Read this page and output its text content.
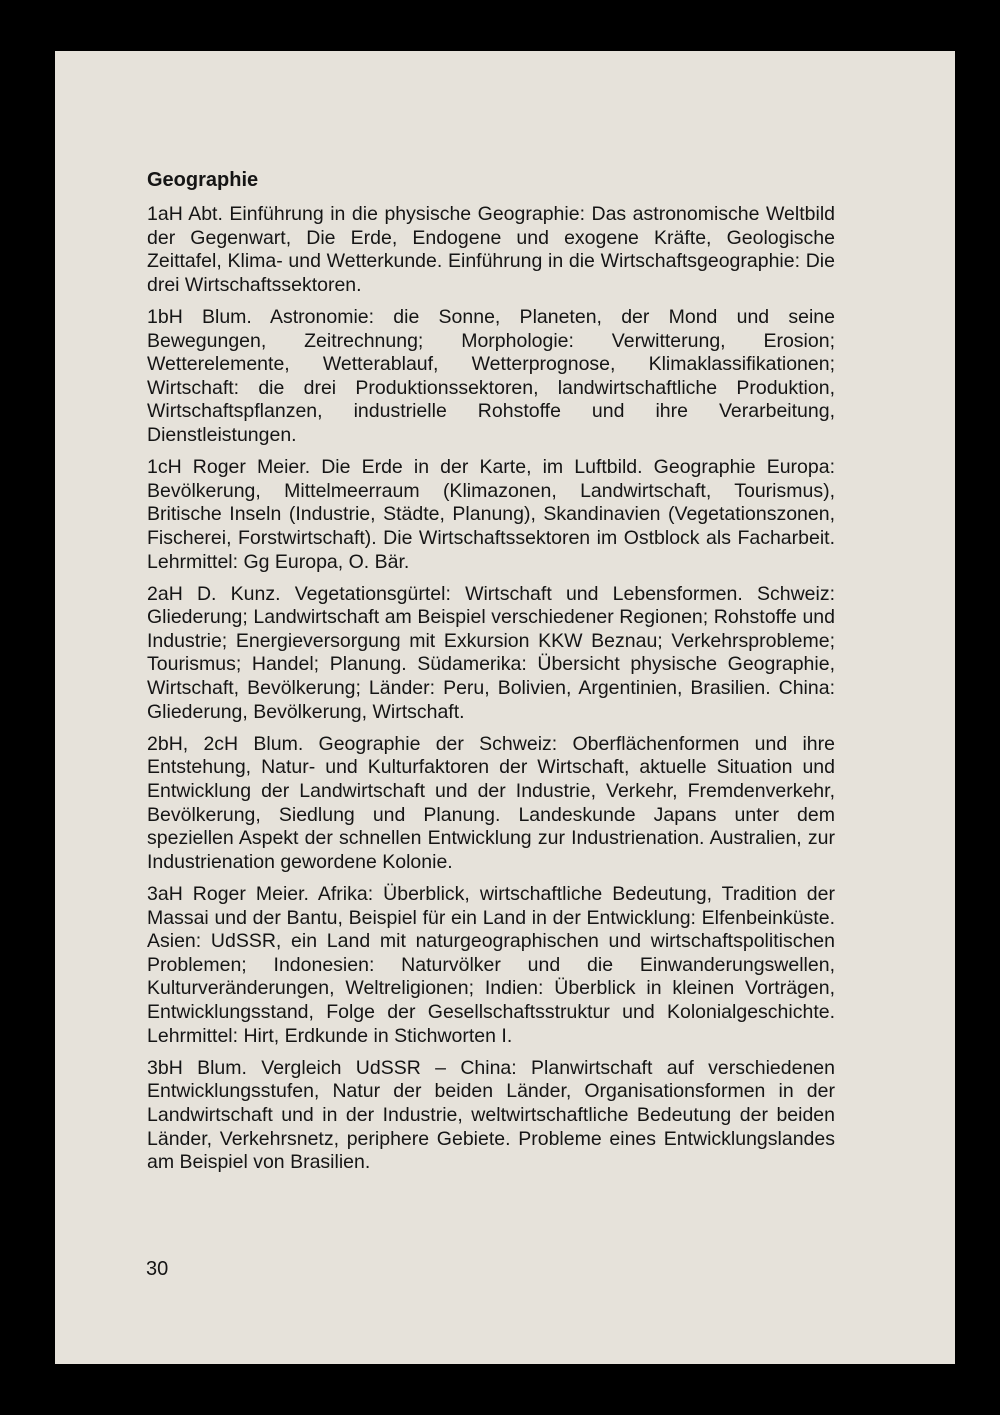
Geographie

1aH Abt. Einführung in die physische Geographie: Das astronomische Weltbild der Gegenwart, Die Erde, Endogene und exogene Kräfte, Geologische Zeittafel, Klima- und Wetterkunde. Einführung in die Wirtschaftsgeographie: Die drei Wirtschaftssektoren.

1bH Blum. Astronomie: die Sonne, Planeten, der Mond und seine Bewegungen, Zeitrechnung; Morphologie: Verwitterung, Erosion; Wetterelemente, Wetterablauf, Wetterprognose, Klimaklassifikationen; Wirtschaft: die drei Produktionssektoren, landwirtschaftliche Produktion, Wirtschaftspflanzen, industrielle Rohstoffe und ihre Verarbeitung, Dienstleistungen.

1cH Roger Meier. Die Erde in der Karte, im Luftbild. Geographie Europa: Bevölkerung, Mittelmeerraum (Klimazonen, Landwirtschaft, Tourismus), Britische Inseln (Industrie, Städte, Planung), Skandinavien (Vegetationszonen, Fischerei, Forstwirtschaft). Die Wirtschaftssektoren im Ostblock als Facharbeit. Lehrmittel: Gg Europa, O. Bär.

2aH D. Kunz. Vegetationsgürtel: Wirtschaft und Lebensformen. Schweiz: Gliederung; Landwirtschaft am Beispiel verschiedener Regionen; Rohstoffe und Industrie; Energieversorgung mit Exkursion KKW Beznau; Verkehrsprobleme; Tourismus; Handel; Planung. Südamerika: Übersicht physische Geographie, Wirtschaft, Bevölkerung; Länder: Peru, Bolivien, Argentinien, Brasilien. China: Gliederung, Bevölkerung, Wirtschaft.

2bH, 2cH Blum. Geographie der Schweiz: Oberflächenformen und ihre Entstehung, Natur- und Kulturfaktoren der Wirtschaft, aktuelle Situation und Entwicklung der Landwirtschaft und der Industrie, Verkehr, Fremdenverkehr, Bevölkerung, Siedlung und Planung. Landeskunde Japans unter dem speziellen Aspekt der schnellen Entwicklung zur Industrienation. Australien, zur Industrienation gewordene Kolonie.

3aH Roger Meier. Afrika: Überblick, wirtschaftliche Bedeutung, Tradition der Massai und der Bantu, Beispiel für ein Land in der Entwicklung: Elfenbeinküste. Asien: UdSSR, ein Land mit naturgeographischen und wirtschaftspolitischen Problemen; Indonesien: Naturvölker und die Einwanderungswellen, Kulturveränderungen, Weltreligionen; Indien: Überblick in kleinen Vorträgen, Entwicklungsstand, Folge der Gesellschaftsstruktur und Kolonialgeschichte. Lehrmittel: Hirt, Erdkunde in Stichworten I.

3bH Blum. Vergleich UdSSR – China: Planwirtschaft auf verschiedenen Entwicklungsstufen, Natur der beiden Länder, Organisationsformen in der Landwirtschaft und in der Industrie, weltwirtschaftliche Bedeutung der beiden Länder, Verkehrsnetz, periphere Gebiete. Probleme eines Entwicklungslandes am Beispiel von Brasilien.

30
